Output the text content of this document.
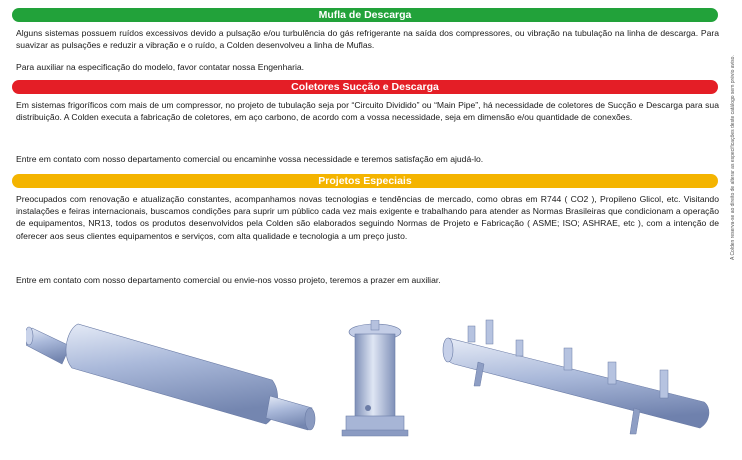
Mufla de Descarga

Alguns sistemas possuem ruídos excessivos devido a pulsação e/ou turbulência do gás refrigerante na saída dos compressores, ou vibração na tubulação na linha de descarga. Para suavizar as pulsações e reduzir a vibração e o ruído, a Colden desenvolveu a linha de Muflas.

Para auxiliar na especificação do modelo, favor contatar nossa Engenharia.

Coletores Sucção e Descarga

Em sistemas frigoríficos com mais de um compressor, no projeto de tubulação seja por “Circuito Dividido” ou “Main Pipe”, há necessidade de coletores de Sucção e Descarga para sua distribuição. A Colden executa a fabricação de coletores, em aço carbono, de acordo com a vossa necessidade, seja em dimensão e/ou quantidade de conexões.

Entre em contato com nosso departamento comercial ou encaminhe vossa necessidade e teremos satisfação em ajudá-lo.

Projetos Especiais

Preocupados com renovação e atualização constantes, acompanhamos novas tecnologias e tendências de mercado, como obras em R744 ( CO2 ), Propileno Glicol, etc. Visitando instalações e feiras internacionais, buscamos condições para suprir um público cada vez mais exigente e trabalhando para atender as Normas Brasileiras que condicionam a operação de equipamentos, NR13, todos os produtos desenvolvidos pela Colden são elaborados seguindo Normas de Projeto e Fabricação ( ASME; ISO; ASHRAE, etc ), com a intenção de oferecer aos seus clientes equipamentos e serviços, com alta qualidade e tecnologia a um preço justo.

Entre em contato com nosso departamento comercial ou envie-nos vosso projeto, teremos a prazer em auxiliar.

A Colden reserva-se ao direito de alterar as especificações deste catálogo sem prévio aviso.
